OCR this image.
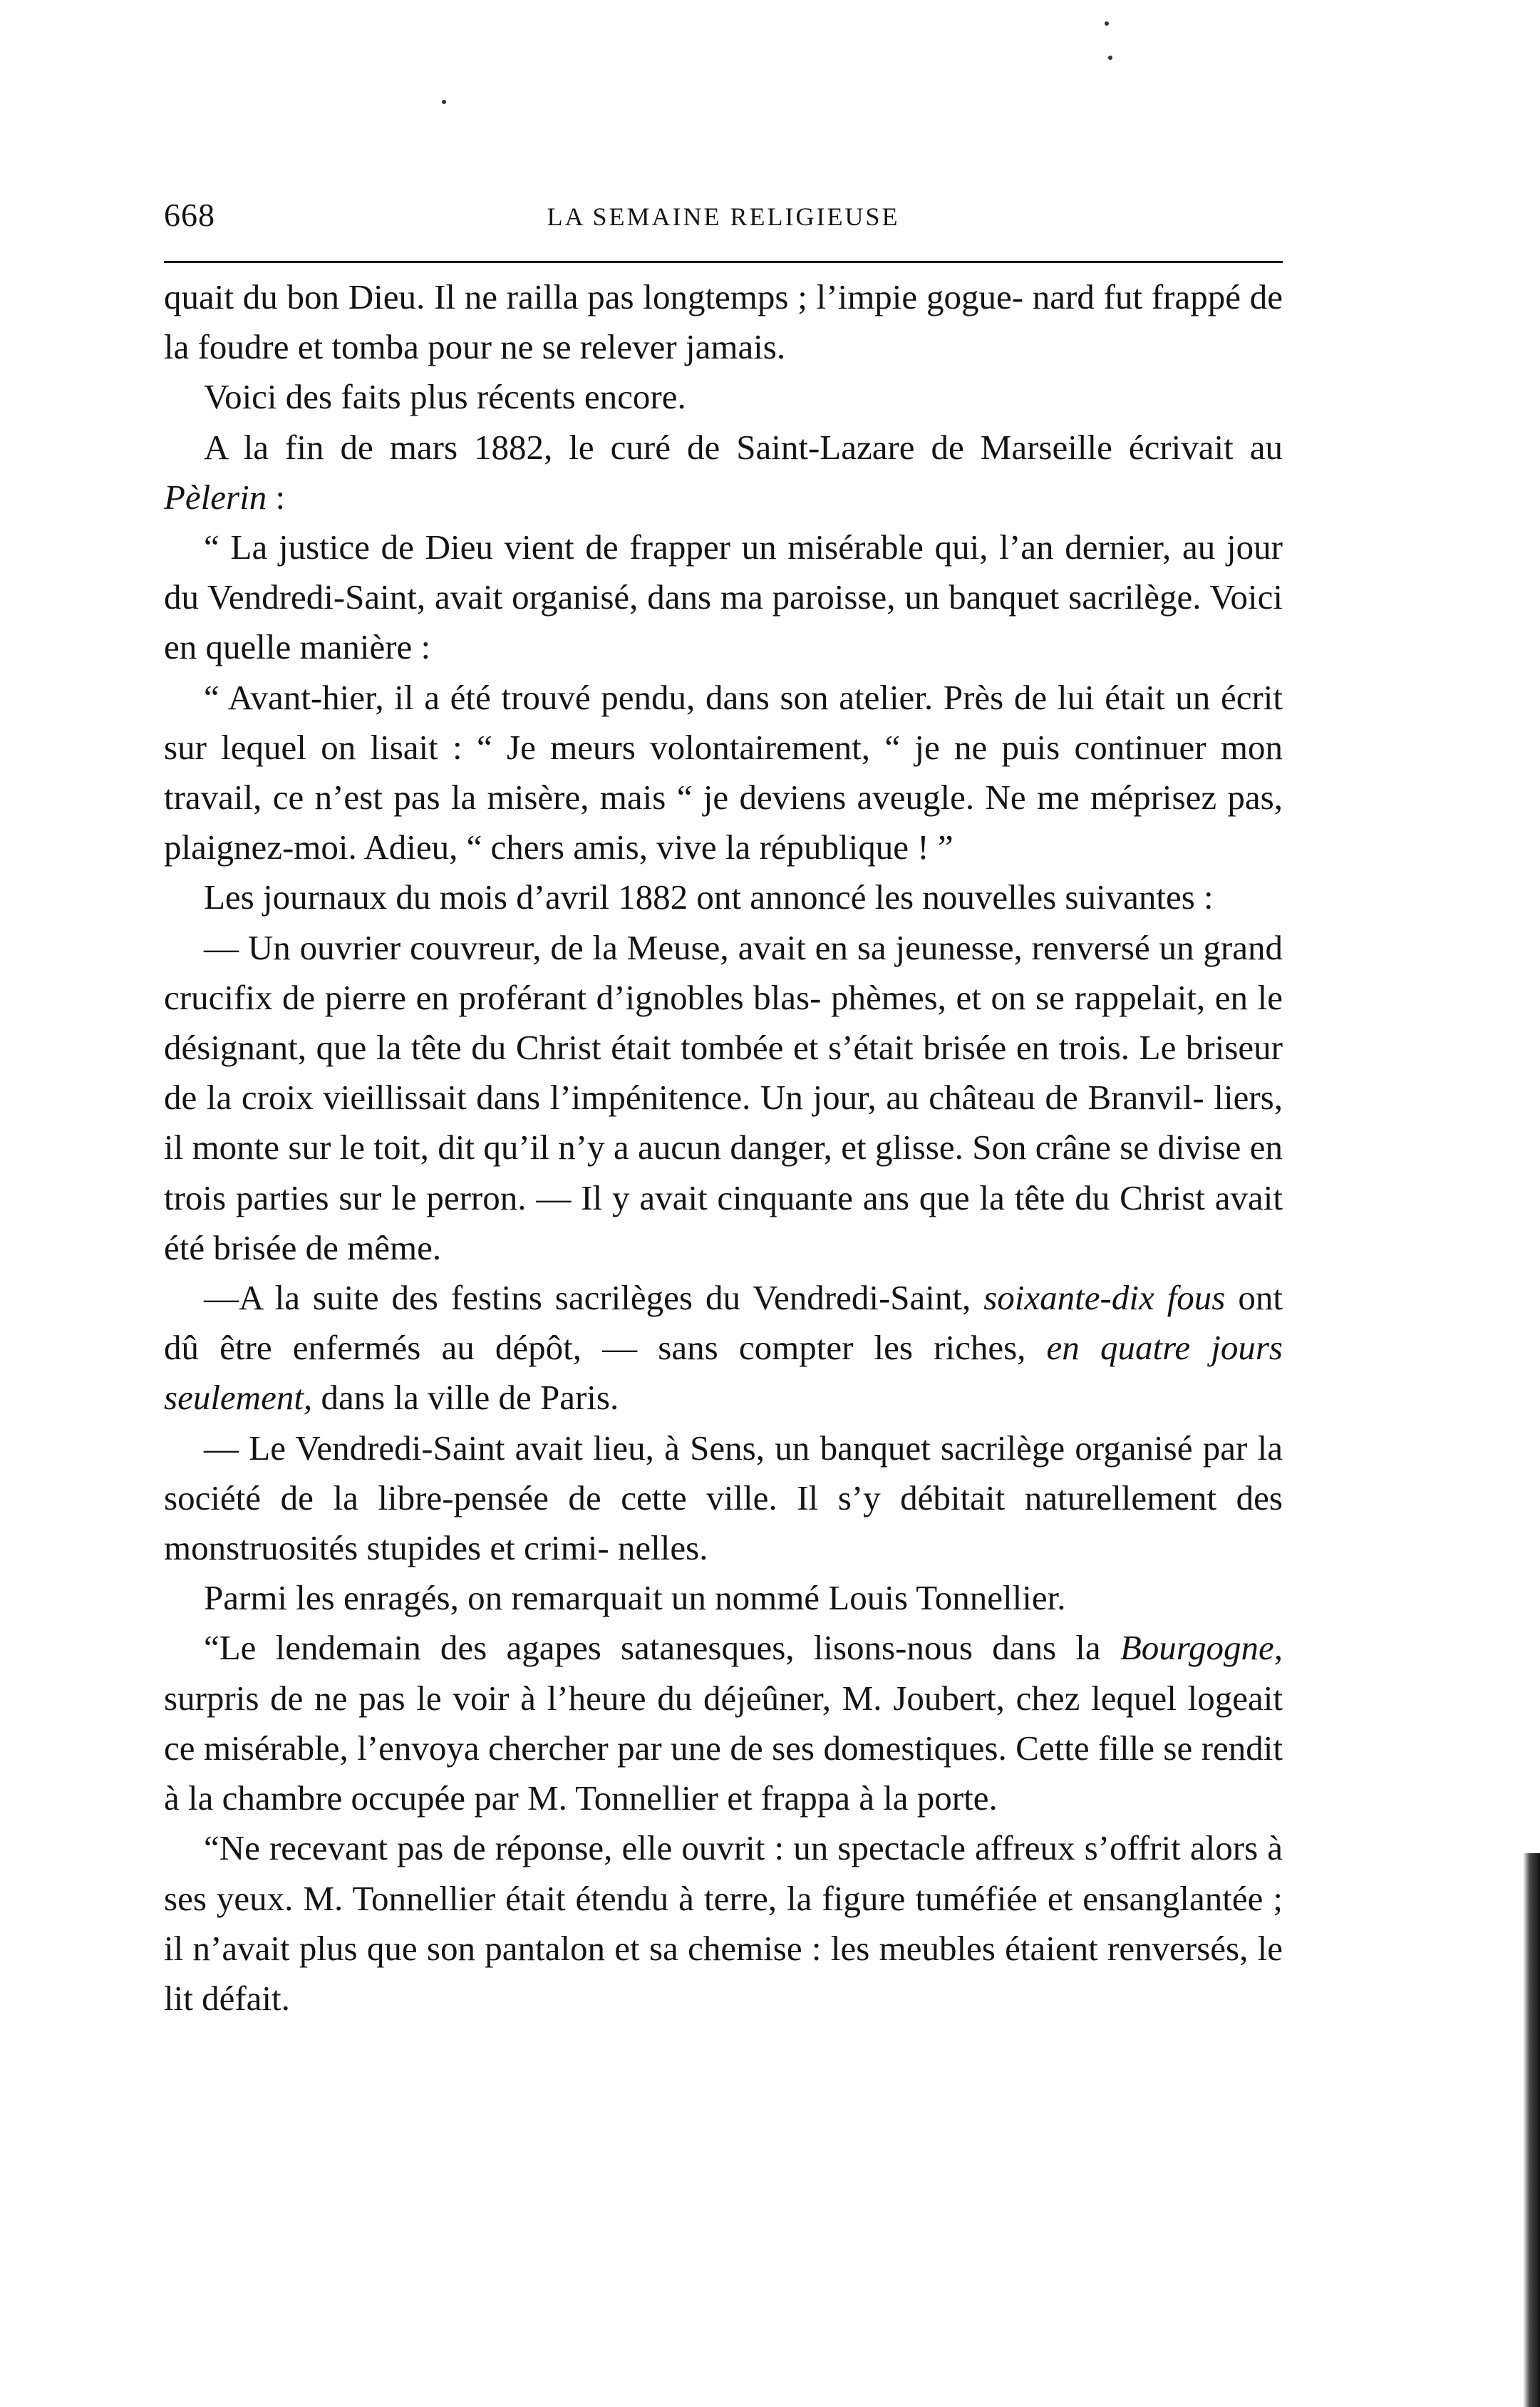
668	LA SEMAINE RELIGIEUSE

quait du bon Dieu. Il ne railla pas longtemps ; l’impie gogue- nard fut frappé de la foudre et tomba pour ne se relever jamais.

Voici des faits plus récents encore.

A la fin de mars 1882, le curé de Saint-Lazare de Marseille écrivait au Pèlerin :

“ La justice de Dieu vient de frapper un misérable qui, l’an dernier, au jour du Vendredi-Saint, avait organisé, dans ma paroisse, un banquet sacrilège. Voici en quelle manière :

“ Avant-hier, il a été trouvé pendu, dans son atelier. Près de lui était un écrit sur lequel on lisait : “ Je meurs volontairement, “ je ne puis continuer mon travail, ce n’est pas la misère, mais “ je deviens aveugle. Ne me méprisez pas, plaignez-moi. Adieu, “ chers amis, vive la république ! ”

Les journaux du mois d’avril 1882 ont annoncé les nouvelles suivantes :

— Un ouvrier couvreur, de la Meuse, avait en sa jeunesse, renversé un grand crucifix de pierre en proférant d’ignobles blas- phèmes, et on se rappelait, en le désignant, que la tête du Christ était tombée et s’était brisée en trois. Le briseur de la croix vieillissait dans l’impénitence. Un jour, au château de Branvil- liers, il monte sur le toit, dit qu’il n’y a aucun danger, et glisse. Son crâne se divise en trois parties sur le perron. — Il y avait cinquante ans que la tête du Christ avait été brisée de même.

—A la suite des festins sacrilèges du Vendredi-Saint, soixante-dix fous ont dû être enfermés au dépôt, — sans compter les riches, en quatre jours seulement, dans la ville de Paris.

— Le Vendredi-Saint avait lieu, à Sens, un banquet sacrilège organisé par la société de la libre-pensée de cette ville. Il s’y débitait naturellement des monstruosités stupides et crimi- nelles.

Parmi les enragés, on remarquait un nommé Louis Tonnellier.

“Le lendemain des agapes satanesques, lisons-nous dans la Bourgogne, surpris de ne pas le voir à l’heure du déjeûner, M. Joubert, chez lequel logeait ce misérable, l’envoya chercher par une de ses domestiques. Cette fille se rendit à la chambre occupée par M. Tonnellier et frappa à la porte.

“Ne recevant pas de réponse, elle ouvrit : un spectacle affreux s’offrit alors à ses yeux. M. Tonnellier était étendu à terre, la figure tuméfiée et ensanglantée ; il n’avait plus que son pantalon et sa chemise : les meubles étaient renversés, le lit défait.
